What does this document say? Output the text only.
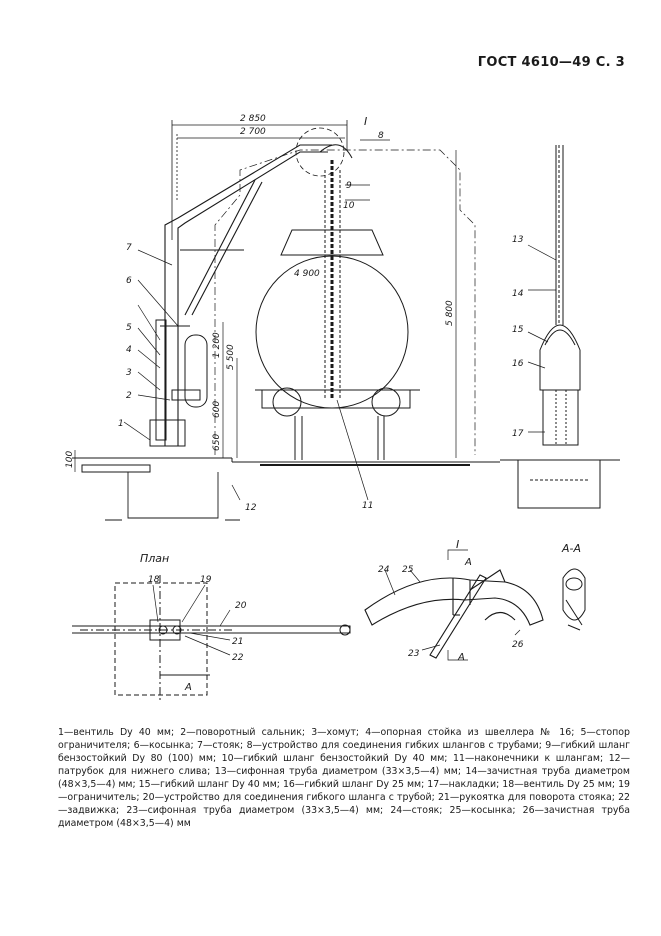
ГОСТ 4610—49 С. 3
2 850
2 700
4 900
5 800
5 500
1 200
600
650
100
1
2
3
4
5
6
7
8
9
10
11
12
13
14
15
16
17
18	19
20
21
22	23
24 25
26
I
I
План
А-А
А
А
А
1—вентиль Dу 40 мм; 2—поворотный сальник; 3—хомут; 4—опорная стойка из швеллера № 16; 5—стопор ограничителя; 6—косынка; 7—стояк; 8—устройство для соединения гибких шлангов с трубами; 9—гибкий шланг бензостойкий Dу 80 (100) мм; 10—гибкий шланг бензостойкий Dу 40 мм; 11—наконечники к шлангам; 12—патрубок для нижнего слива; 13—сифонная труба диаметром (33×3,5—4) мм; 14—зачистная труба диаметром (48×3,5—4) мм; 15—гибкий шланг Dу 40 мм; 16—гибкий шланг Dу 25 мм; 17—накладки; 18—вентиль Dу 25 мм; 19—ограничитель; 20—устройство для соединения гибкого шланга с трубой; 21—рукоятка для поворота стояка; 22—задвижка; 23—сифонная труба диаметром (33×3,5—4) мм; 24—стояк; 25—косынка; 26—зачистная труба диаметром (48×3,5—4) мм
